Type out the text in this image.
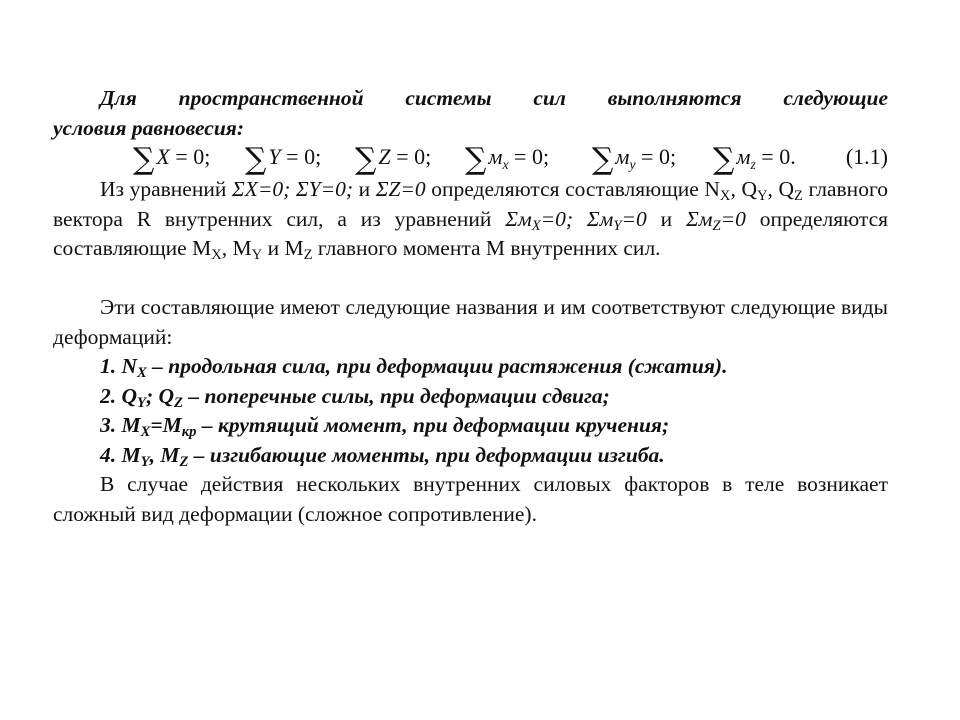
Для пространственной системы сил выполняются следующие
условия равновесия:
∑X = 0; ∑Y = 0; ∑Z = 0; $\sum м_x = 0$; $\sum м_y = 0$; $\sum м_z = 0$. (1.1)
Из уравнений ΣX=0; ΣY=0; и ΣZ=0 определяются составляющие $N_X$, $Q_Y$, $Q_Z$ главного вектора R внутренних сил, а из уравнений ΣмX=0; ΣмY=0 и ΣмZ=0 определяются составляющие $M_X$, $M_Y$ и $M_Z$ главного момента M внутренних сил.
Эти составляющие имеют следующие названия и им соответствуют следующие виды деформаций:
1. $N_X$ – продольная сила, при деформации растяжения (сжатия).
2. $Q_Y$; $Q_Z$ – поперечные силы, при деформации сдвига;
3. $M_X=M_{кр}$ – крутящий момент, при деформации кручения;
4. $M_Y$, $M_Z$ – изгибающие моменты, при деформации изгиба.
В случае действия нескольких внутренних силовых факторов в теле возникает сложный вид деформации (сложное сопротивление).
